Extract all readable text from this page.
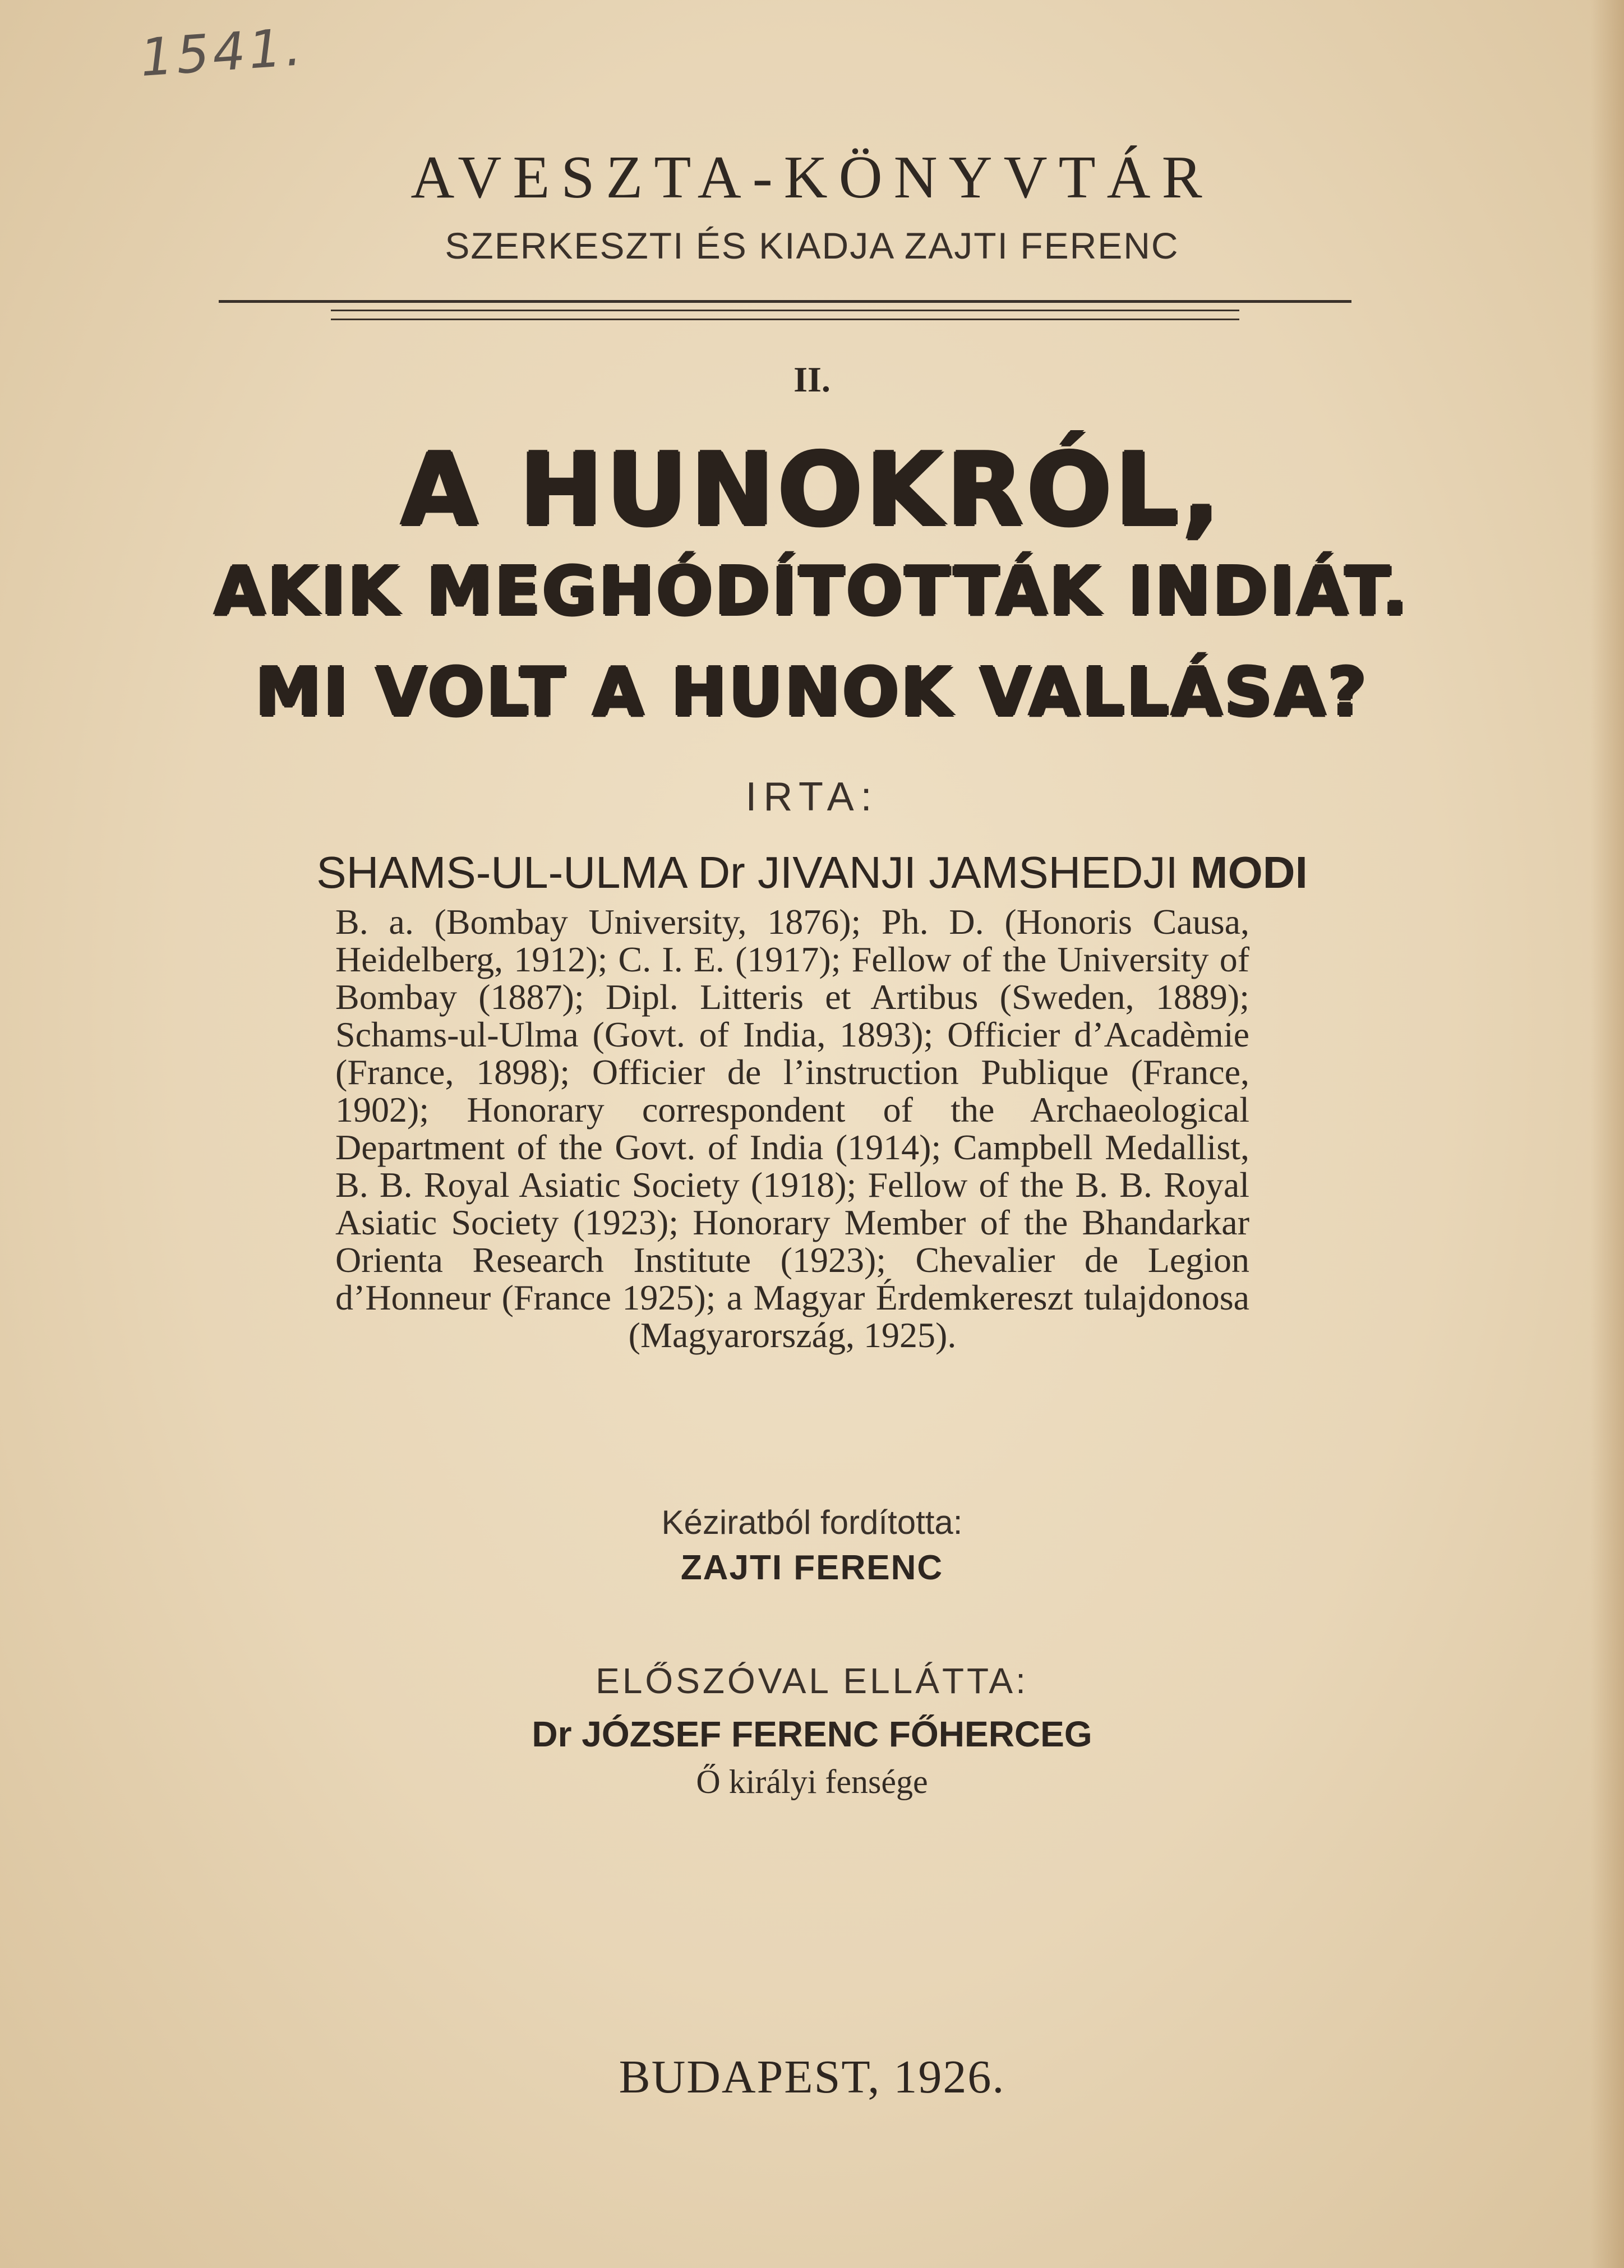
1541.
AVESZTA-KÖNYVTÁR
SZERKESZTI ÉS KIADJA ZAJTI FERENC
II.
A HUNOKRÓL,
AKIK MEGHÓDÍTOTTÁK INDIÁT.
MI VOLT A HUNOK VALLÁSA?
IRTA:
SHAMS-UL-ULMA Dr JIVANJI JAMSHEDJI MODI
B. a. (Bombay University, 1876); Ph. D. (Honoris Causa, Heidelberg, 1912); C. I. E. (1917); Fellow of the University of Bombay (1887); Dipl. Litteris et Artibus (Sweden, 1889); Schams-ul-Ulma (Govt. of India, 1893); Officier d’Acadèmie (France, 1898); Officier de l’instruction Publique (France, 1902); Honorary correspondent of the Archaeological Department of the Govt. of India (1914); Campbell Medallist, B. B. Royal Asiatic Society (1918); Fellow of the B. B. Royal Asiatic Society (1923); Honorary Member of the Bhandarkar Orienta Research Institute (1923); Chevalier de Legion d’Honneur (France 1925); a Magyar Érdemkereszt tulajdonosa (Magyarország, 1925).
Kéziratból fordította:
ZAJTI FERENC
ELŐSZÓVAL ELLÁTTA:
Dr JÓZSEF FERENC FŐHERCEG
Ő királyi fensége
BUDAPEST, 1926.
